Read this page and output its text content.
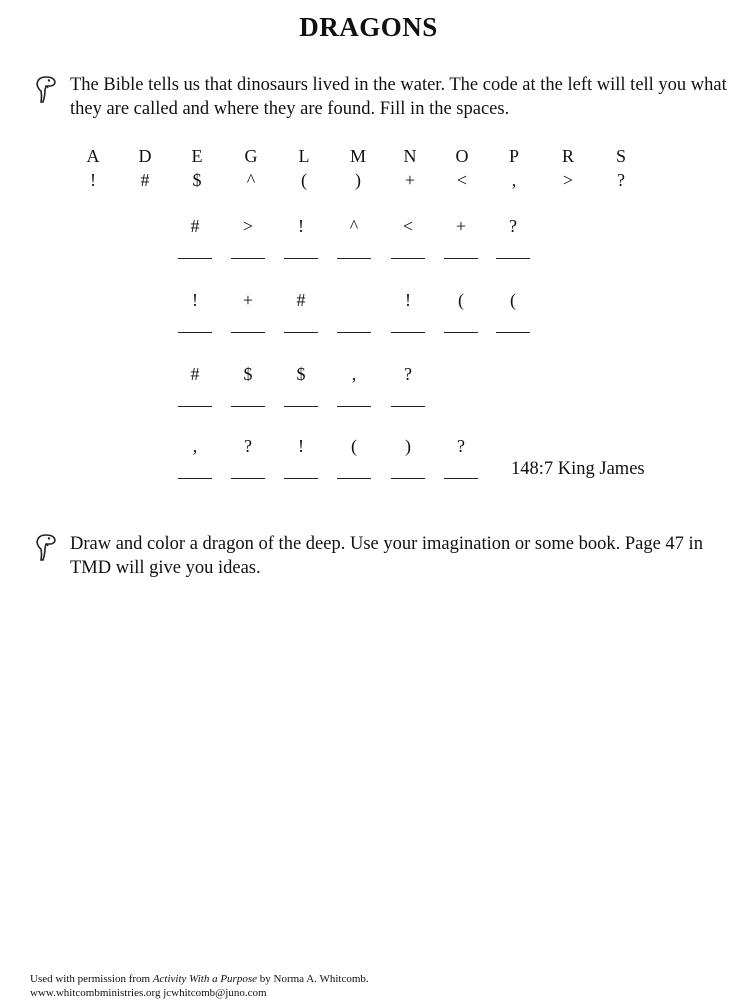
DRAGONS
The Bible tells us that dinosaurs lived in the water. The code at the left will tell you what they are called and where they are found. Fill in the spaces.
A	D	E	G	L	M	N	O	P	R	S
!	#	$	^	(	)	+	<	,	>	?
#	>	!	^	<	+	?
!	+	#	!	(	(
#	$	$	,	?
,	?	!	(	)	?
148:7 King James
Draw and color a dragon of the deep. Use your imagination or some book. Page 47 in TMD will give you ideas.
Used with permission from Activity With a Purpose by Norma A. Whitcomb.
www.whitcombministries.org jcwhitcomb@juno.com
